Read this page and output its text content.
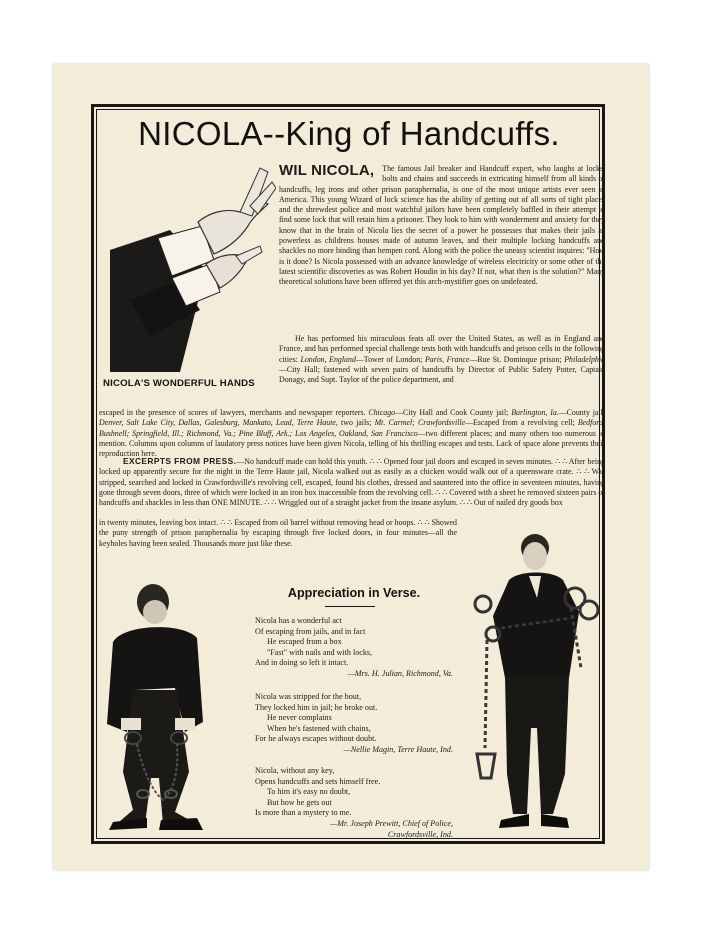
NICOLA--King of Handcuffs.
NICOLA'S WONDERFUL HANDS
WIL NICOLA,	The famous Jail breaker and Handcuff expert, who laughs at locks, bolts and chains and succeeds in extricating himself from all kinds of handcuffs, leg irons and other prison paraphernalia, is one of the most unique artists ever seen in America. This young Wizard of lock science has the ability of getting out of all sorts of tight places and the shrewdest police and most watchful jailors have been completely baffled in their attempt to find some lock that will retain him a prisoner. They look to him with wonderment and anxiety for they know that in the brain of Nicola lies the secret of a power he possesses that makes their jails as powerless as childrens houses made of autumn leaves, and their multiple locking handcuffs and shackles no more binding than hempen cord. Along with the police the uneasy scientist inquires: "How is it done? Is Nicola possessed with an advance knowledge of wireless electricity or some other of the latest scientific discoveries as was Robert Houdin in his day? If not, what then is the solution?" Many theoretical solutions have been offered yet this arch-mystifier goes on undefeated.

He has performed his miraculous feats all over the United States, as well as in England and France, and has performed special challenge tests both with handcuffs and prison cells in the following cities: London, England—Tower of London; Paris, France—Rue St. Dominque prison; Philadelphia—City Hall; fastened with seven pairs of handcuffs by Director of Public Safety Potter, Captain Donagy, and Supt. Taylor of the police department, and

escaped in the presence of scores of lawyers, merchants and newspaper reporters. Chicago—City Hall and Cook County jail; Burlington, Ia.—County jail; Denver, Salt Lake City, Dallas, Galesburg, Mankato, Lead, Terre Haute, two jails; Mt. Carmel; Crawfordsville—Escaped from a revolving cell; Bedford, Bushnell; Springfield, Ill.; Richmond, Va.; Pine Bluff, Ark.; Los Angeles, Oakland, San Francisco—two different places; and many others too numerous to mention. Columns upon columns of laudatory press notices have been given Nicola, telling of his thrilling escapes and tests. Lack of space alone prevents their reproduction here.

EXCERPTS FROM PRESS.—No handcuff made can hold this youth. ∴ ∴ Opened four jail doors and escaped in seven minutes. ∴ ∴ After being locked up apparently secure for the night in the Terre Haute jail, Nicola walked out as easily as a chicken would walk out of a queensware crate. ∴ ∴ Was stripped, searched and locked in Crawfordsville's revolving cell, escaped, found his clothes, dressed and sauntered into the office in seventeen minutes, having gone through seven doors, three of which were locked in an iron box inaccessible from the revolving cell. ∴ ∴ Covered with a sheet he removed sixteen pairs of handcuffs and shackles in less than ONE MINUTE. ∴ ∴ Wriggled out of a straight jacket from the insane asylum. ∴ ∴ Out of nailed dry goods box

in twenty minutes, leaving box intact. ∴ ∴ Escaped from oil barrel without removing head or hoops. ∴ ∴ Showed the puny strength of prison paraphernalia by escaping through five locked doors, in four minutes—all the keyholes having been sealed. Thousands more just like these.

Appreciation in Verse.
Nicola has a wonderful act
Of escaping from jails, and in fact
He escaped from a box
"Fast" with nails and with locks,
And in doing so left it intact.
—Mrs. H. Julian, Richmond, Va.
Nicola was stripped for the bout,
They locked him in jail; he broke out.
He never complains
When he's fastened with chains,
For he always escapes without doubt.
—Nellie Magin, Terre Haute, Ind.
Nicola, without any key,
Opens handcuffs and sets himself free.
To him it's easy no doubt,
But how he gets out
Is more than a mystery to me.
—Mr. Joseph Prewitt, Chief of Police,
Crawfordsville, Ind.
